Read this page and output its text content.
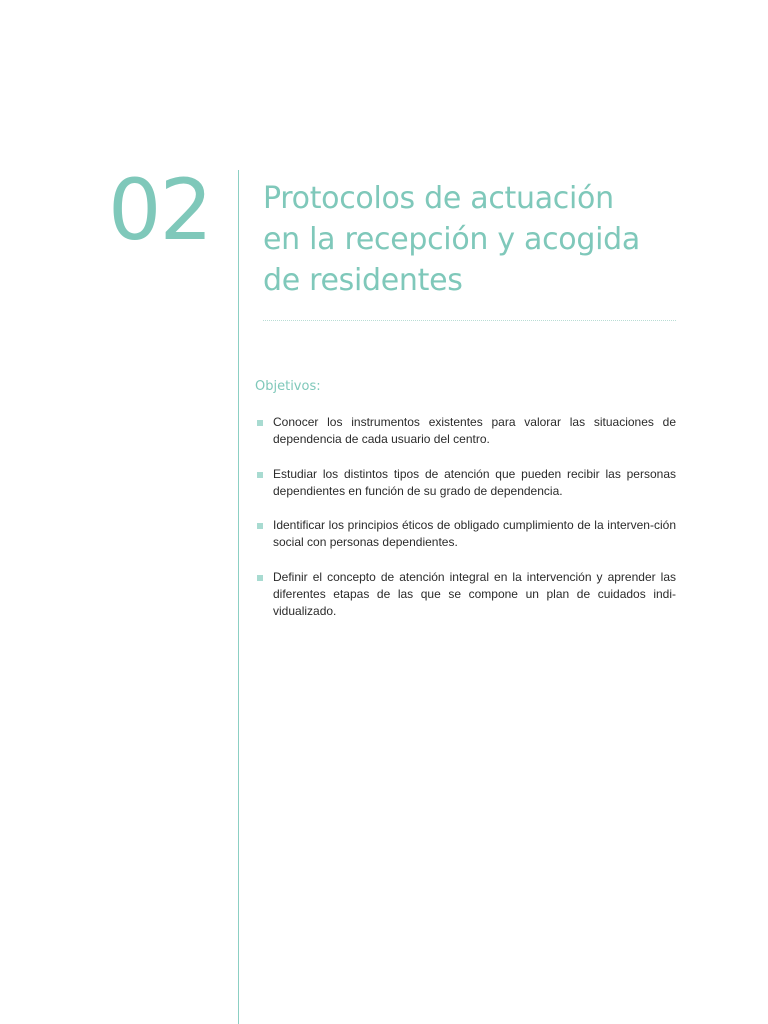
02 Protocolos de actuación
en la recepción y acogida
de residentes
Objetivos:
Conocer los instrumentos existentes para valorar las situaciones de dependencia de cada usuario del centro.
Estudiar los distintos tipos de atención que pueden recibir las personas dependientes en función de su grado de dependencia.
Identificar los principios éticos de obligado cumplimiento de la interven-ción social con personas dependientes.
Definir el concepto de atención integral en la intervención y aprender las diferentes etapas de las que se compone un plan de cuidados indi-vidualizado.
